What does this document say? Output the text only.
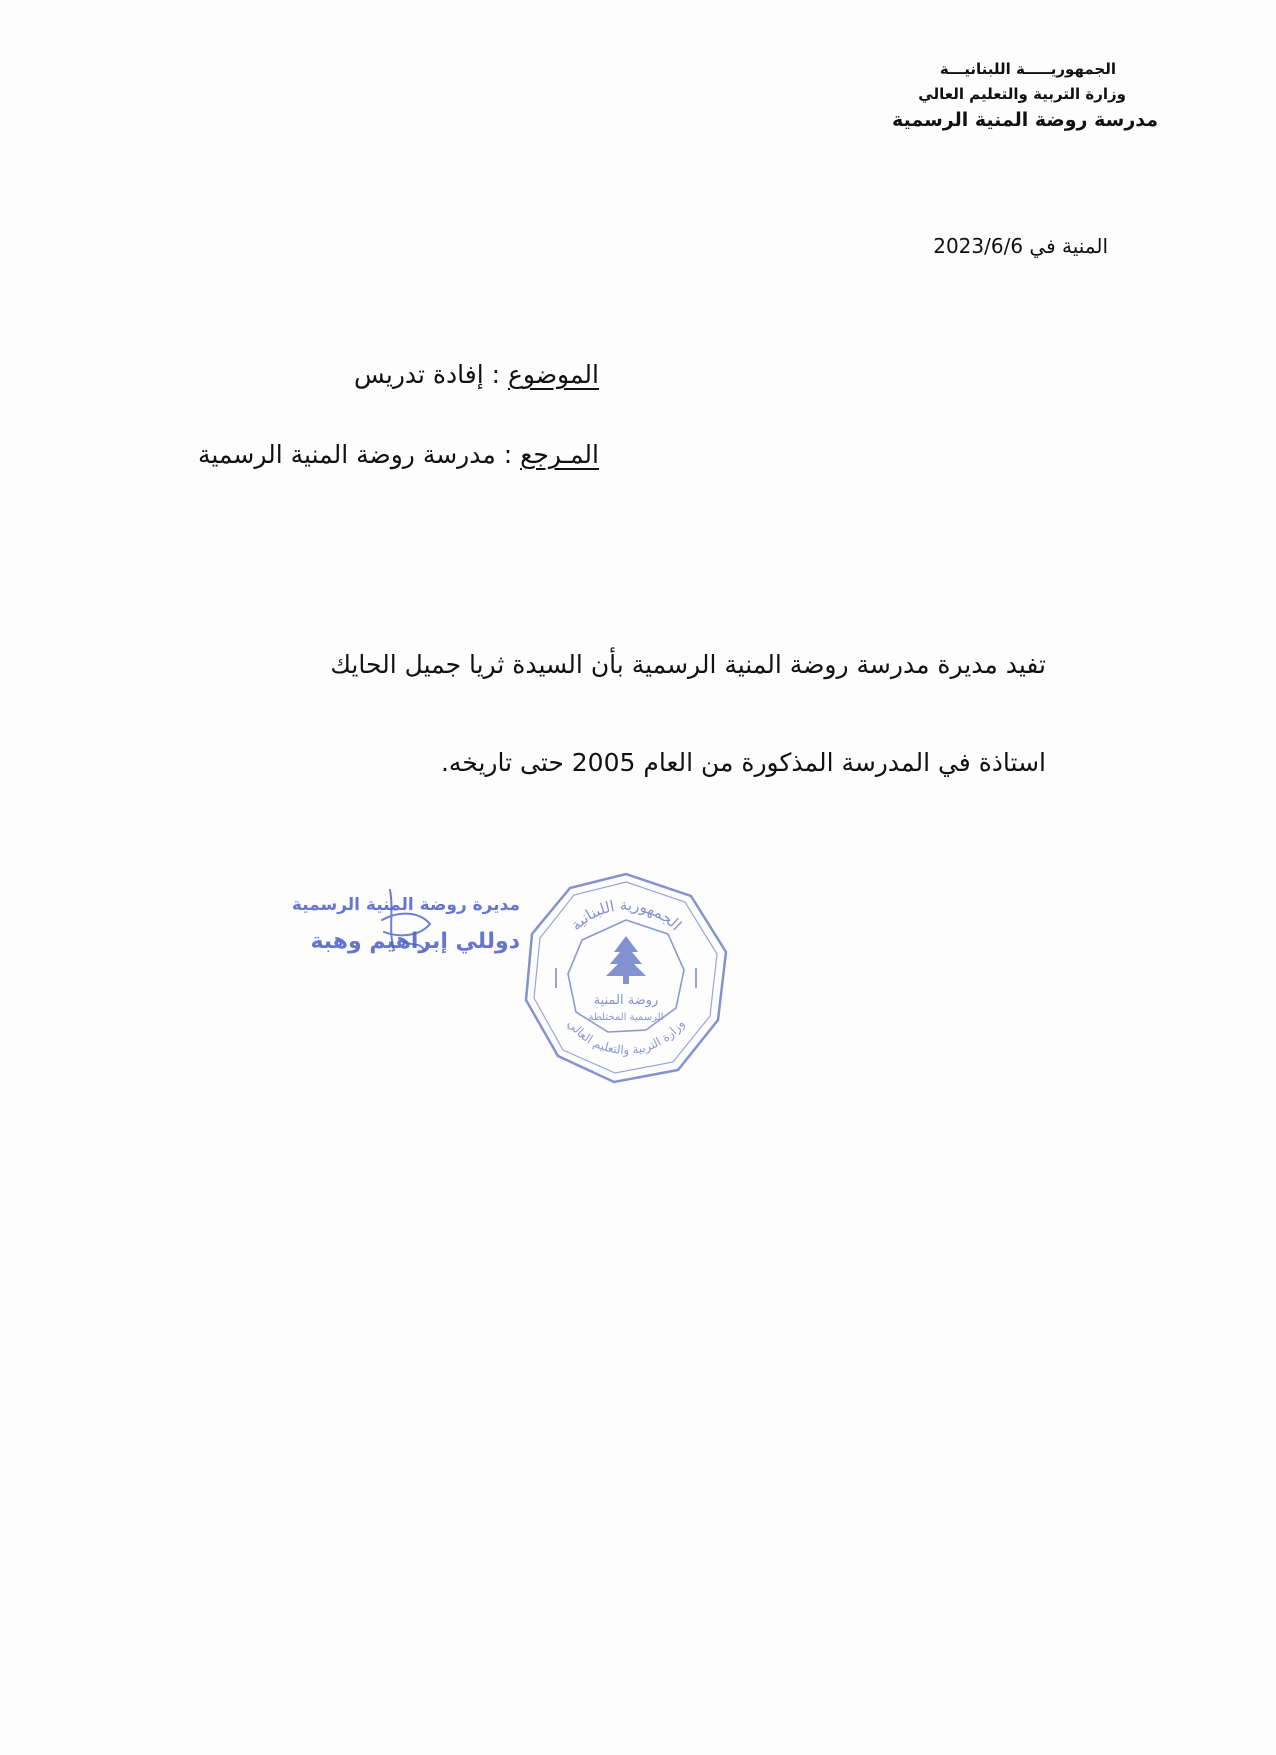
الجمهوريـــــة اللبنانيـــة
وزارة التربية والتعليم العالي
مدرسة روضة المنية الرسمية
المنية في 2023/6/6
الموضوع : إفادة تدريس
المـرجع : مدرسة روضة المنية الرسمية
تفيد مديرة مدرسة روضة المنية الرسمية بأن السيدة ثريا جميل الحايك
استاذة في المدرسة المذكورة من العام 2005 حتى تاريخه.
مديرة روضة المنية الرسمية
دوللي إبراهيم وهبة
الجمهورية اللبنانية
وزارة التربية والتعليم العالي
روضة المنية
الرسمية المختلطة
